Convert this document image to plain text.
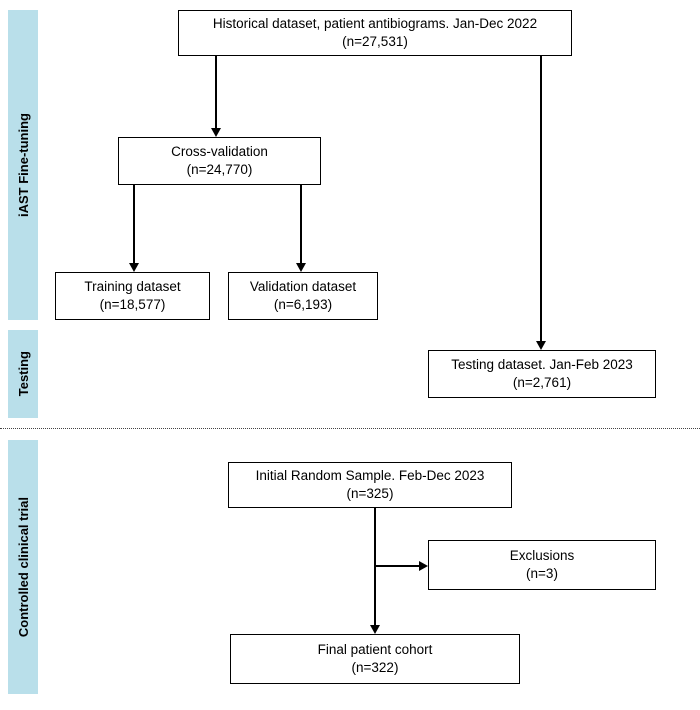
iAST Fine-tuning
Testing
Controlled clinical trial
Historical dataset, patient antibiograms. Jan-Dec 2022
(n=27,531)
Cross-validation
(n=24,770)
Training dataset
(n=18,577)
Validation dataset
(n=6,193)
Testing dataset. Jan-Feb 2023
(n=2,761)
Initial Random Sample. Feb-Dec 2023
(n=325)
Exclusions
(n=3)
Final patient cohort
(n=322)
